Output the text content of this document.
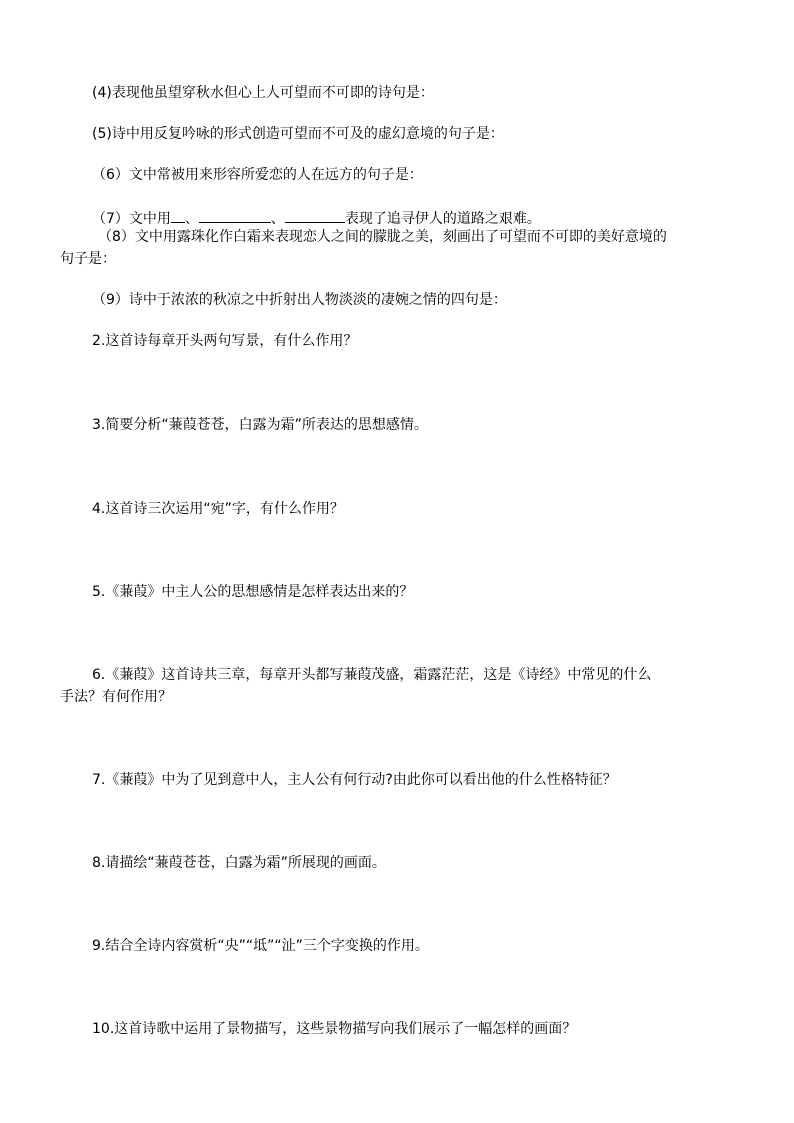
(4)表现他虽望穿秋水但心上人可望而不可即的诗句是：
(5)诗中用反复吟咏的形式创造可望而不可及的虚幻意境的句子是：
（6）文中常被用来形容所爱恋的人在远方的句子是：
（7）文中用 、	、	表现了追寻伊人的道路之艰难。
（8）文中用露珠化作白霜来表现恋人之间的朦胧之美，刻画出了可望而不可即的美好意境的
句子是：
（9）诗中于浓浓的秋凉之中折射出人物淡淡的凄婉之情的四句是：
2.这首诗每章开头两句写景，有什么作用？
3.简要分析“蒹葭苍苍，白露为霜”所表达的思想感情。
4.这首诗三次运用“宛”字，有什么作用？
5.《蒹葭》中主人公的思想感情是怎样表达出来的？
6.《蒹葭》这首诗共三章，每章开头都写蒹葭茂盛，霜露茫茫，这是《诗经》中常见的什么
手法？有何作用？
7.《蒹葭》中为了见到意中人，主人公有何行动?由此你可以看出他的什么性格特征？
8.请描绘“蒹葭苍苍，白露为霜”所展现的画面。
9.结合全诗内容赏析“央”“坻”“沚”三个字变换的作用。
10.这首诗歌中运用了景物描写，这些景物描写向我们展示了一幅怎样的画面？
